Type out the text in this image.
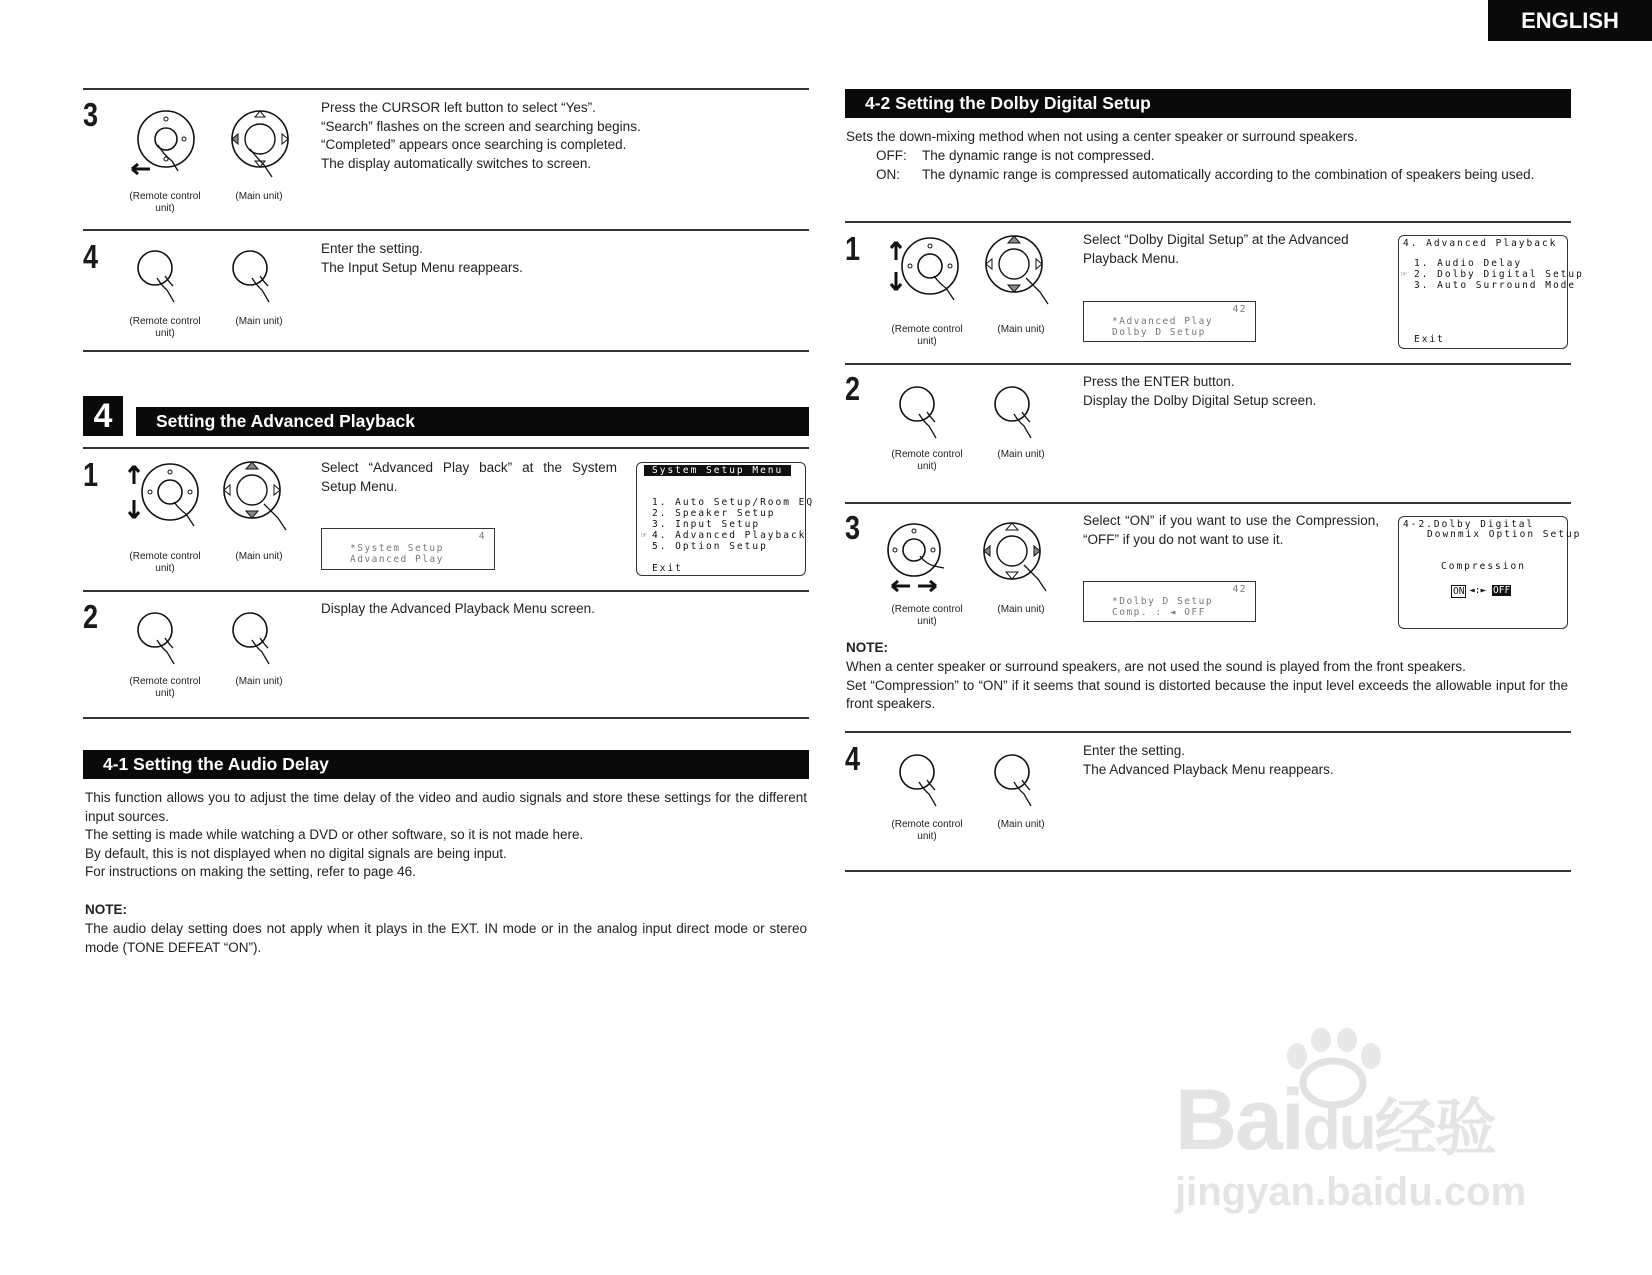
ENGLISH
3
(Remote control unit)
(Main unit)

Press the CURSOR left button to select “Yes”.

“Search” flashes on the screen and searching begins.

“Completed” appears once searching is completed.

The display automatically switches to screen.

4
(Remote control unit)
(Main unit)

Enter the setting.

The Input Setup Menu reappears.

4	Setting the Advanced Playback
1
(Remote control unit)
(Main unit)
Select “Advanced Play back” at the System Setup Menu.
4
*System Setup
Advanced Play
System Setup Menu
1. Auto Setup/Room EQ
2. Speaker Setup
3. Input Setup
☞ 4. Advanced Playback
5. Option Setup
Exit
2
(Remote control unit)
(Main unit)
Display the Advanced Playback Menu screen.
4-1 Setting the Audio Delay

This function allows you to adjust the time delay of the video and audio signals and store these settings for the different input sources.

The setting is made while watching a DVD or other software, so it is not made here.

By default, this is not displayed when no digital signals are being input.

For instructions on making the setting, refer to page 46.

NOTE:
The audio delay setting does not apply when it plays in the EXT. IN mode or in the analog input direct mode or stereo mode (TONE DEFEAT “ON”).
4-2 Setting the Dolby Digital Setup
Sets the down-mixing method when not using a center speaker or surround speakers.
OFF: The dynamic range is not compressed.
ON: The dynamic range is compressed automatically according to the combination of speakers being used.
1
(Remote control unit)
(Main unit)
Select “Dolby Digital Setup” at the Advanced Playback Menu.
42
*Advanced Play
Dolby D Setup
4. Advanced Playback
1. Audio Delay
☞ 2. Dolby Digital Setup
3. Auto Surround Mode
Exit
2
(Remote control unit)
(Main unit)

Press the ENTER button.

Display the Dolby Digital Setup screen.

3
(Remote control unit)
(Main unit)
Select “ON” if you want to use the Compression, “OFF” if you do not want to use it.
42
*Dolby D Setup
Comp. : ◄ OFF
4-2.Dolby Digital
Downmix Option Setup
Compression
ON ◄:► OFF
NOTE:

When a center speaker or surround speakers, are not used the sound is played from the front speakers.

Set “Compression” to “ON” if it seems that sound is distorted because the input level exceeds the allowable input for the front speakers.

4
(Remote control unit)
(Main unit)

Enter the setting.

The Advanced Playback Menu reappears.

Baidu经验
jingyan.baidu.com
